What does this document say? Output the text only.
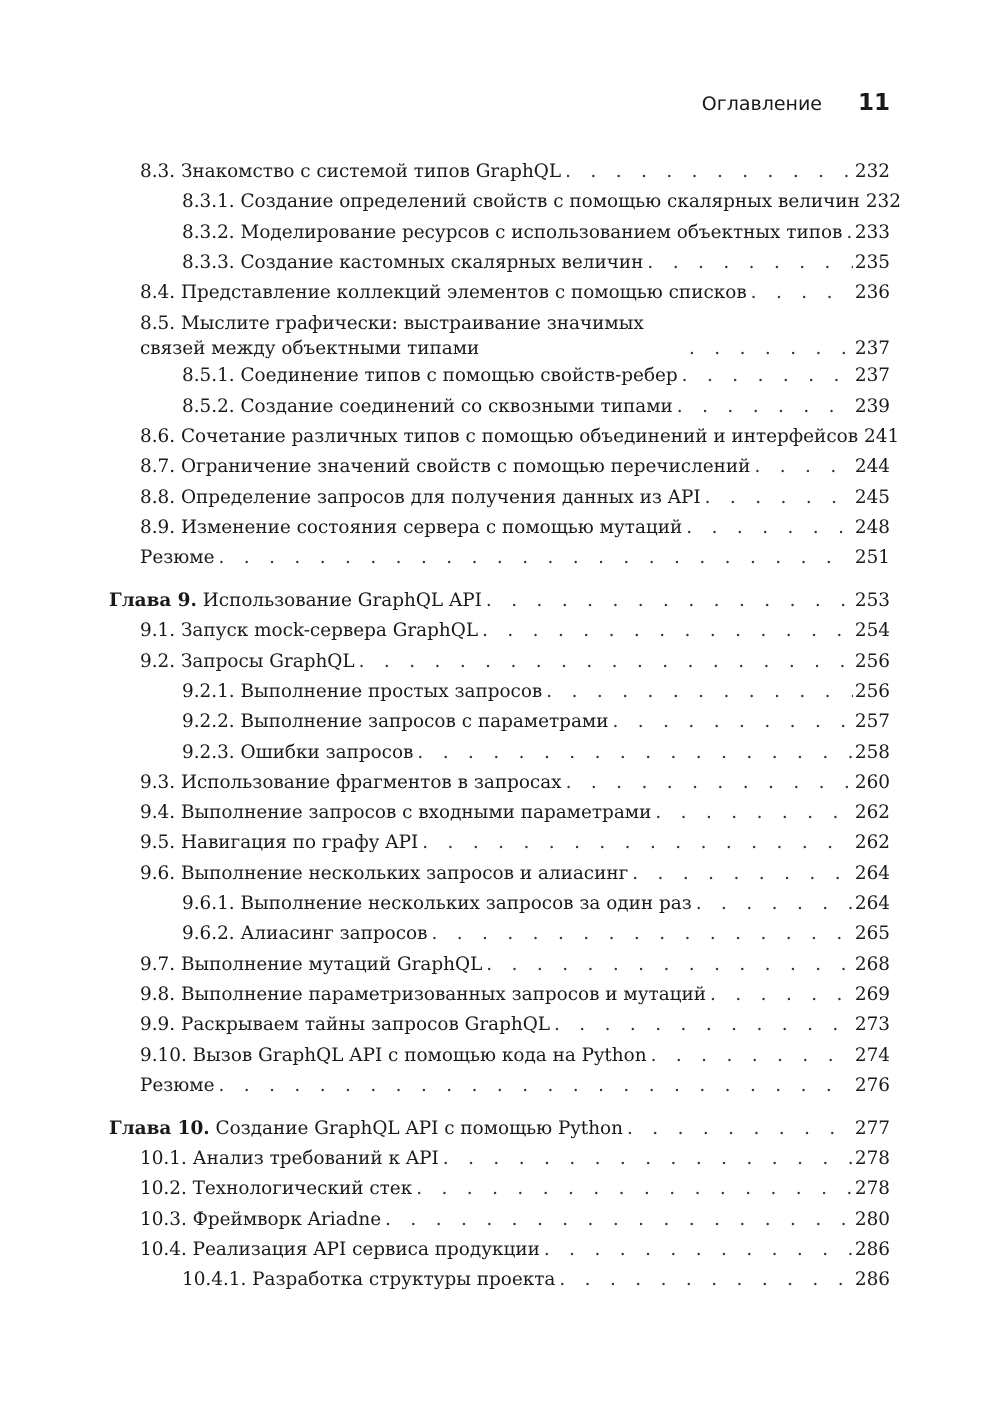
Оглавление 11
8.3. Знакомство с системой типов GraphQL . . .	232
8.3.1. Создание определений свойств с помощью скалярных величин . . . 232
8.3.2. Моделирование ресурсов с использованием объектных типов . . . 233
8.3.3. Создание кастомных скалярных величин . . .	235
8.4. Представление коллекций элементов с помощью списков . . .	236
8.5. Мыслите графически: выстраивание значимых связей между объектными типами . . .	237
8.5.1. Соединение типов с помощью свойств-ребер . . .	237
8.5.2. Создание соединений со сквозными типами . . .	239
8.6. Сочетание различных типов с помощью объединений и интерфейсов . . . 241
8.7. Ограничение значений свойств с помощью перечислений . . .	244
8.8. Определение запросов для получения данных из API . . .	245
8.9. Изменение состояния сервера с помощью мутаций . . .	248
Резюме . . .	251
Глава 9. Использование GraphQL API . . .	253
9.1. Запуск mock-сервера GraphQL . . .	254
9.2. Запросы GraphQL . . .	256
9.2.1. Выполнение простых запросов . . .	256
9.2.2. Выполнение запросов с параметрами . . .	257
9.2.3. Ошибки запросов . . .	258
9.3. Использование фрагментов в запросах . . .	260
9.4. Выполнение запросов с входными параметрами . . .	262
9.5. Навигация по графу API . . .	262
9.6. Выполнение нескольких запросов и алиасинг . . .	264
9.6.1. Выполнение нескольких запросов за один раз . . .	264
9.6.2. Алиасинг запросов . . .	265
9.7. Выполнение мутаций GraphQL . . .	268
9.8. Выполнение параметризованных запросов и мутаций . . .	269
9.9. Раскрываем тайны запросов GraphQL . . .	273
9.10. Вызов GraphQL API с помощью кода на Python . . .	274
Резюме . . .	276
Глава 10. Создание GraphQL API с помощью Python . . .	277
10.1. Анализ требований к API . . .	278
10.2. Технологический стек . . .	278
10.3. Фреймворк Ariadne . . .	280
10.4. Реализация API сервиса продукции . . .	286
10.4.1. Разработка структуры проекта . . .	286
